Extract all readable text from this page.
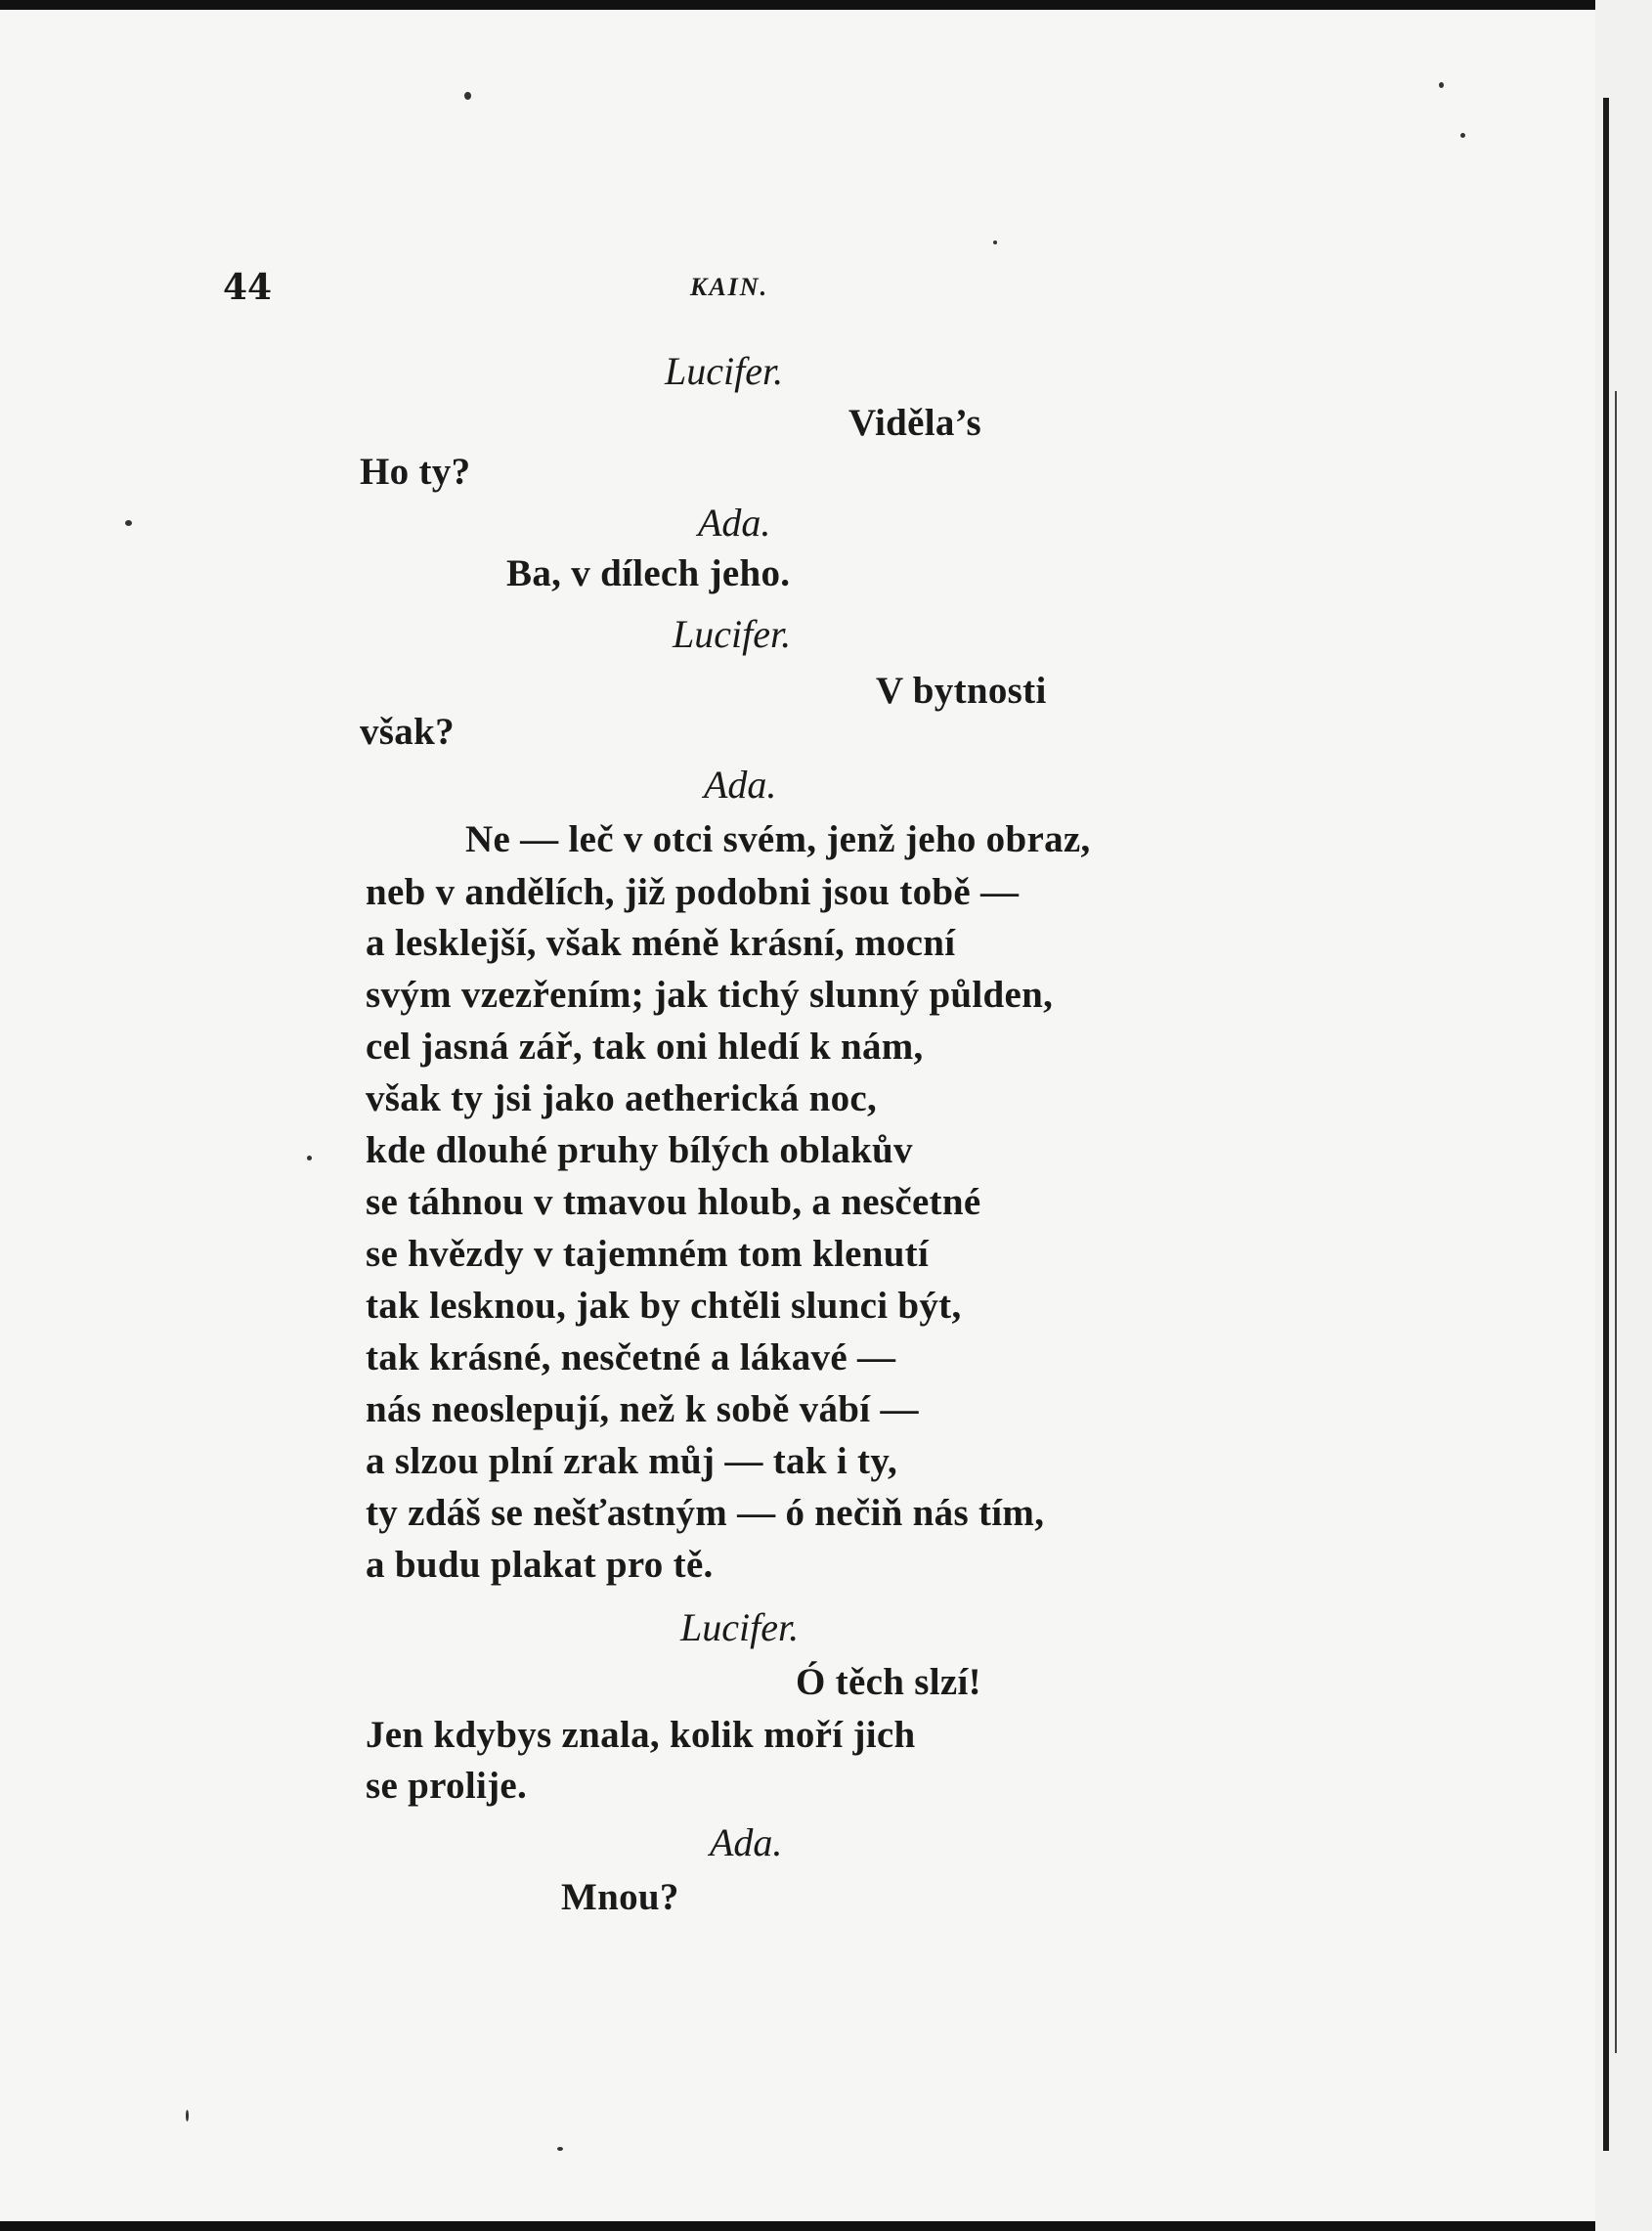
44	KAIN.
Lucifer.
Viděla’s
Ho ty?
Ada.
Ba, v dílech jeho.
Lucifer.
V bytnosti
však?
Ada.
Ne — leč v otci svém, jenž jeho obraz,
neb v andělích, již podobni jsou tobě —
a lesklejší, však méně krásní, mocní
svým vzezřením; jak tichý slunný půlden,
cel jasná zář, tak oni hledí k nám,
však ty jsi jako aetherická noc,
kde dlouhé pruhy bílých oblakův
se táhnou v tmavou hloub, a nesčetné
se hvězdy v tajemném tom klenutí
tak lesknou, jak by chtěli slunci být,
tak krásné, nesčetné a lákavé —
nás neoslepují, než k sobě vábí —
a slzou plní zrak můj — tak i ty,
ty zdáš se nešťastným — ó nečiň nás tím,
a budu plakat pro tě.
Lucifer.
Ó těch slzí!
Jen kdybys znala, kolik moří jich
se prolije.
Ada.
Mnou?
